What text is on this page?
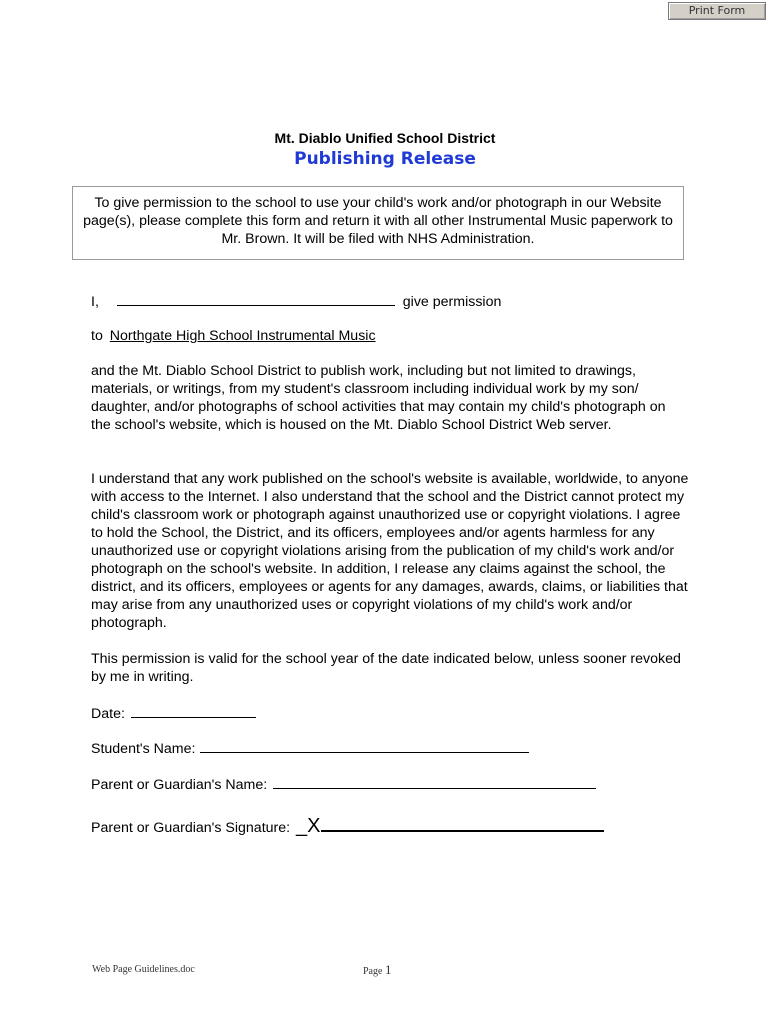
Print Form
Mt. Diablo Unified School District
Publishing Release
To give permission to the school to use your child's work and/or photograph in our Website page(s), please complete this form and return it with all other Instrumental Music paperwork to Mr. Brown. It will be filed with NHS Administration.
I,	give permission
to Northgate High School Instrumental Music
and the Mt. Diablo School District to publish work, including but not limited to drawings, materials, or writings, from my student's classroom including individual work by my son/ daughter, and/or photographs of school activities that may contain my child's photograph on the school's website, which is housed on the Mt. Diablo School District Web server.
I understand that any work published on the school's website is available, worldwide, to anyone with access to the Internet. I also understand that the school and the District cannot protect my child's classroom work or photograph against unauthorized use or copyright violations. I agree to hold the School, the District, and its officers, employees and/or agents harmless for any unauthorized use or copyright violations arising from the publication of my child's work and/or photograph on the school's website. In addition, I release any claims against the school, the district, and its officers, employees or agents for any damages, awards, claims, or liabilities that may arise from any unauthorized uses or copyright violations of my child's work and/or photograph.
This permission is valid for the school year of the date indicated below, unless sooner revoked by me in writing.
Date:
Student's Name:
Parent or Guardian's Name:
Parent or Guardian's Signature: _X
Web Page Guidelines.doc	Page 1
